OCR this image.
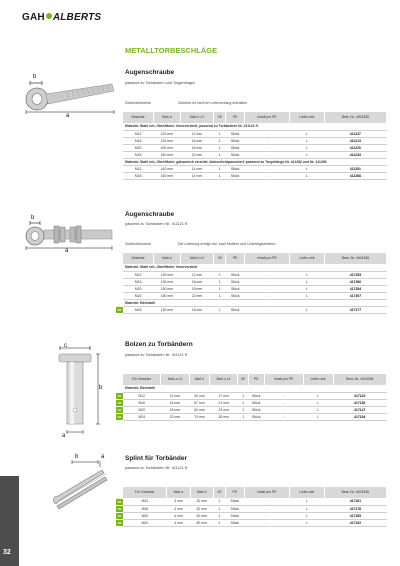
GAH ALBERTS
METALLTORBESCHLÄGE
b
a
Augenschraube
passend zu Torbändern und Torgehängen
Zubehörhinweis:	Zubehör ist nicht im Lieferumfang enthalten
Gewinde	Maß a	Maß b ±1	VE	PE	Inhalt pro PE	Liefer-zeit	Best.-Nr. 4004336
Material: Stahl roh, Oberfläche: feuerverzinkt, passend zu Torbändern Nr. 411131 ff.							
M12	120 mm	12 mm	1	Stück	-	L	411237
M16	130 mm	16 mm	1	Stück	-	L	411213
M20	150 mm	19 mm	1	Stück	-	L	411220
M24	150 mm	22 mm	1	Stück	-	L	411244
Material: Stahl roh, Oberfläche: galvanisch verzinkt, dickschichtpassiviert, passend zu Torgehänge Nr. 411282 und Nr. 411299							
M12	140 mm	14 mm	1	Stück	-	L	411251
M16	160 mm	14 mm	1	Stück	-	L	411268
b
a
Augenschraube
passend zu Torbändern Nr. 411121 ff.
Zubehörhinweis:	Die Lieferung erfolgt inkl. zwei Muttern und Unterlegscheiben.
Gewinde	Maß a	Maß b ±1	VE	PE	Inhalt pro PE	Liefer-zeit	Best.-Nr. 4004336
Material: Stahl roh, Oberfläche: feuerverzinkt							
M12	120 mm	12 mm	1	Stück	-	L	417253
M16	130 mm	16 mm	1	Stück	-	L	417260
M20	150 mm	19 mm	1	Stück	-	L	417284
M24	150 mm	22 mm	1	Stück	-	L	417307
Material: Edelstahl							
M16	130 mm	16 mm	1	Stück	-	L	417277
c
b
a
Bolzen zu Torbändern
passend zu Torbändern Nr. 411121 ff.
Für Gewinde	Maß a ±1	Maß b	Maß c ±1	VE	PE	Inhalt pro PE	Liefer-zeit	Best.-Nr. 4004336
Material: Edelstahl								
M12	12 mm	40 mm	17 mm	1	Stück	-	L	417123
M16	16 mm	57 mm	21 mm	1	Stück	-	L	417130
M20	18 mm	60 mm	23 mm	1	Stück	-	L	417147
M24	22 mm	74 mm	28 mm	1	Stück	-	L	417154
b	a	Splint für Torbänder
passend zu Torbändern Nr. 411121 ff.
Für Gewinde	Maß a	Maß b	VE	PE	Inhalt pro PE	Liefer-zeit	Best.-Nr. 4004336
M12	3 mm	30 mm	1	Stück	-	L	417161
M16	4 mm	30 mm	1	Stück	-	L	417178
M20	4 mm	40 mm	1	Stück	-	L	417185
M24	4 mm	50 mm	1	Stück	-	L	417192
32
VA
VA
VA
VA
VA
VA
VA
VA
VA
